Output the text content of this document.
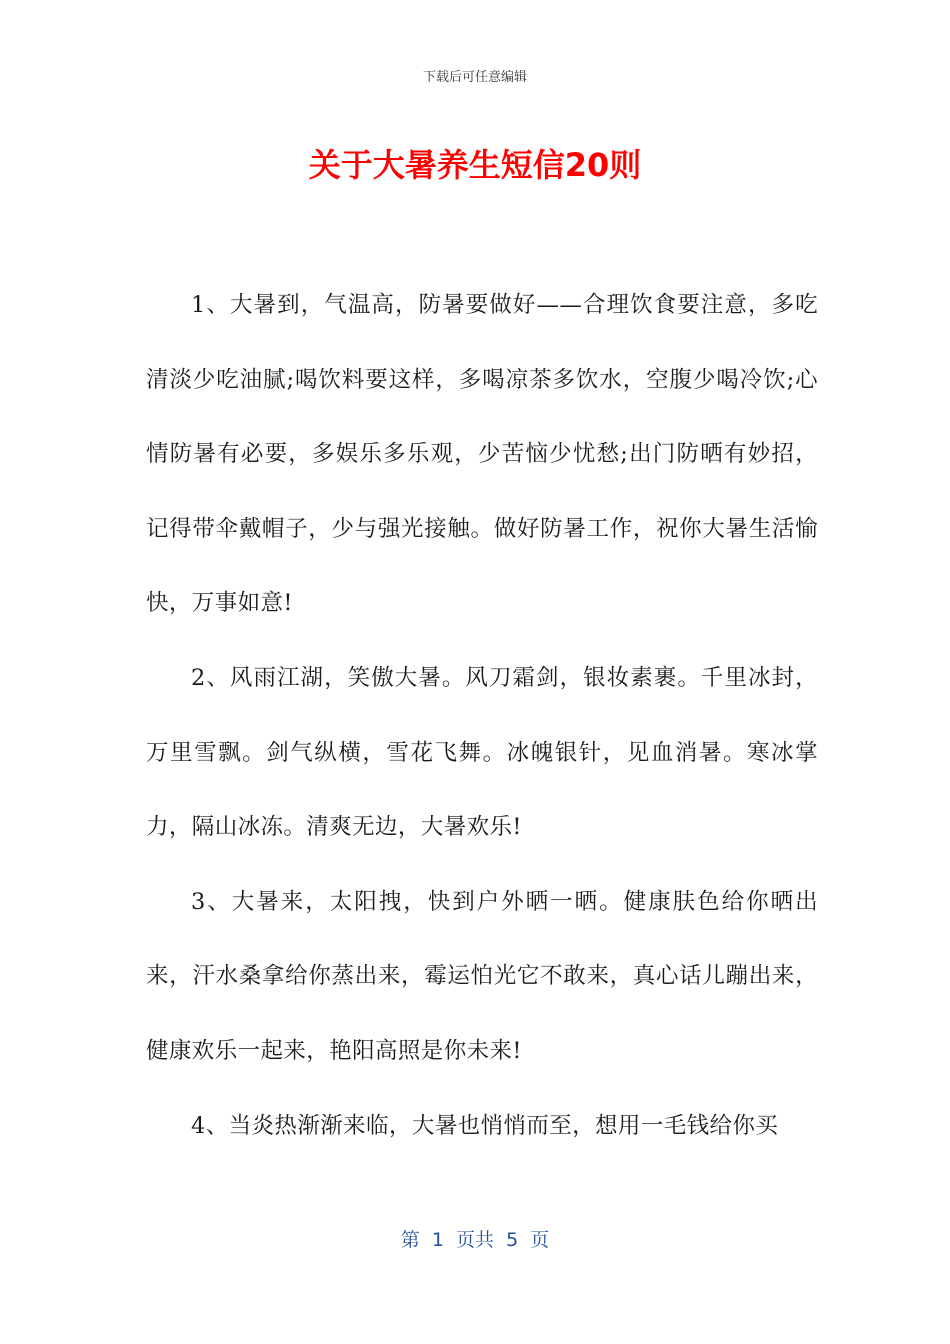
下载后可任意编辑
关于大暑养生短信20则

1、大暑到，气温高，防暑要做好——合理饮食要注意，多吃清淡少吃油腻;喝饮料要这样，多喝凉茶多饮水，空腹少喝冷饮;心情防暑有必要，多娱乐多乐观，少苦恼少忧愁;出门防晒有妙招，记得带伞戴帽子，少与强光接触。做好防暑工作，祝你大暑生活愉快，万事如意!

2、风雨江湖，笑傲大暑。风刀霜剑，银妆素裹。千里冰封，万里雪飘。剑气纵横，雪花飞舞。冰魄银针，见血消暑。寒冰掌力，隔山冰冻。清爽无边，大暑欢乐!

3、大暑来，太阳拽，快到户外晒一晒。健康肤色给你晒出来，汗水桑拿给你蒸出来，霉运怕光它不敢来，真心话儿蹦出来，健康欢乐一起来，艳阳高照是你未来!

4、当炎热渐渐来临，大暑也悄悄而至，想用一毛钱给你买

第  1  页共  5  页
